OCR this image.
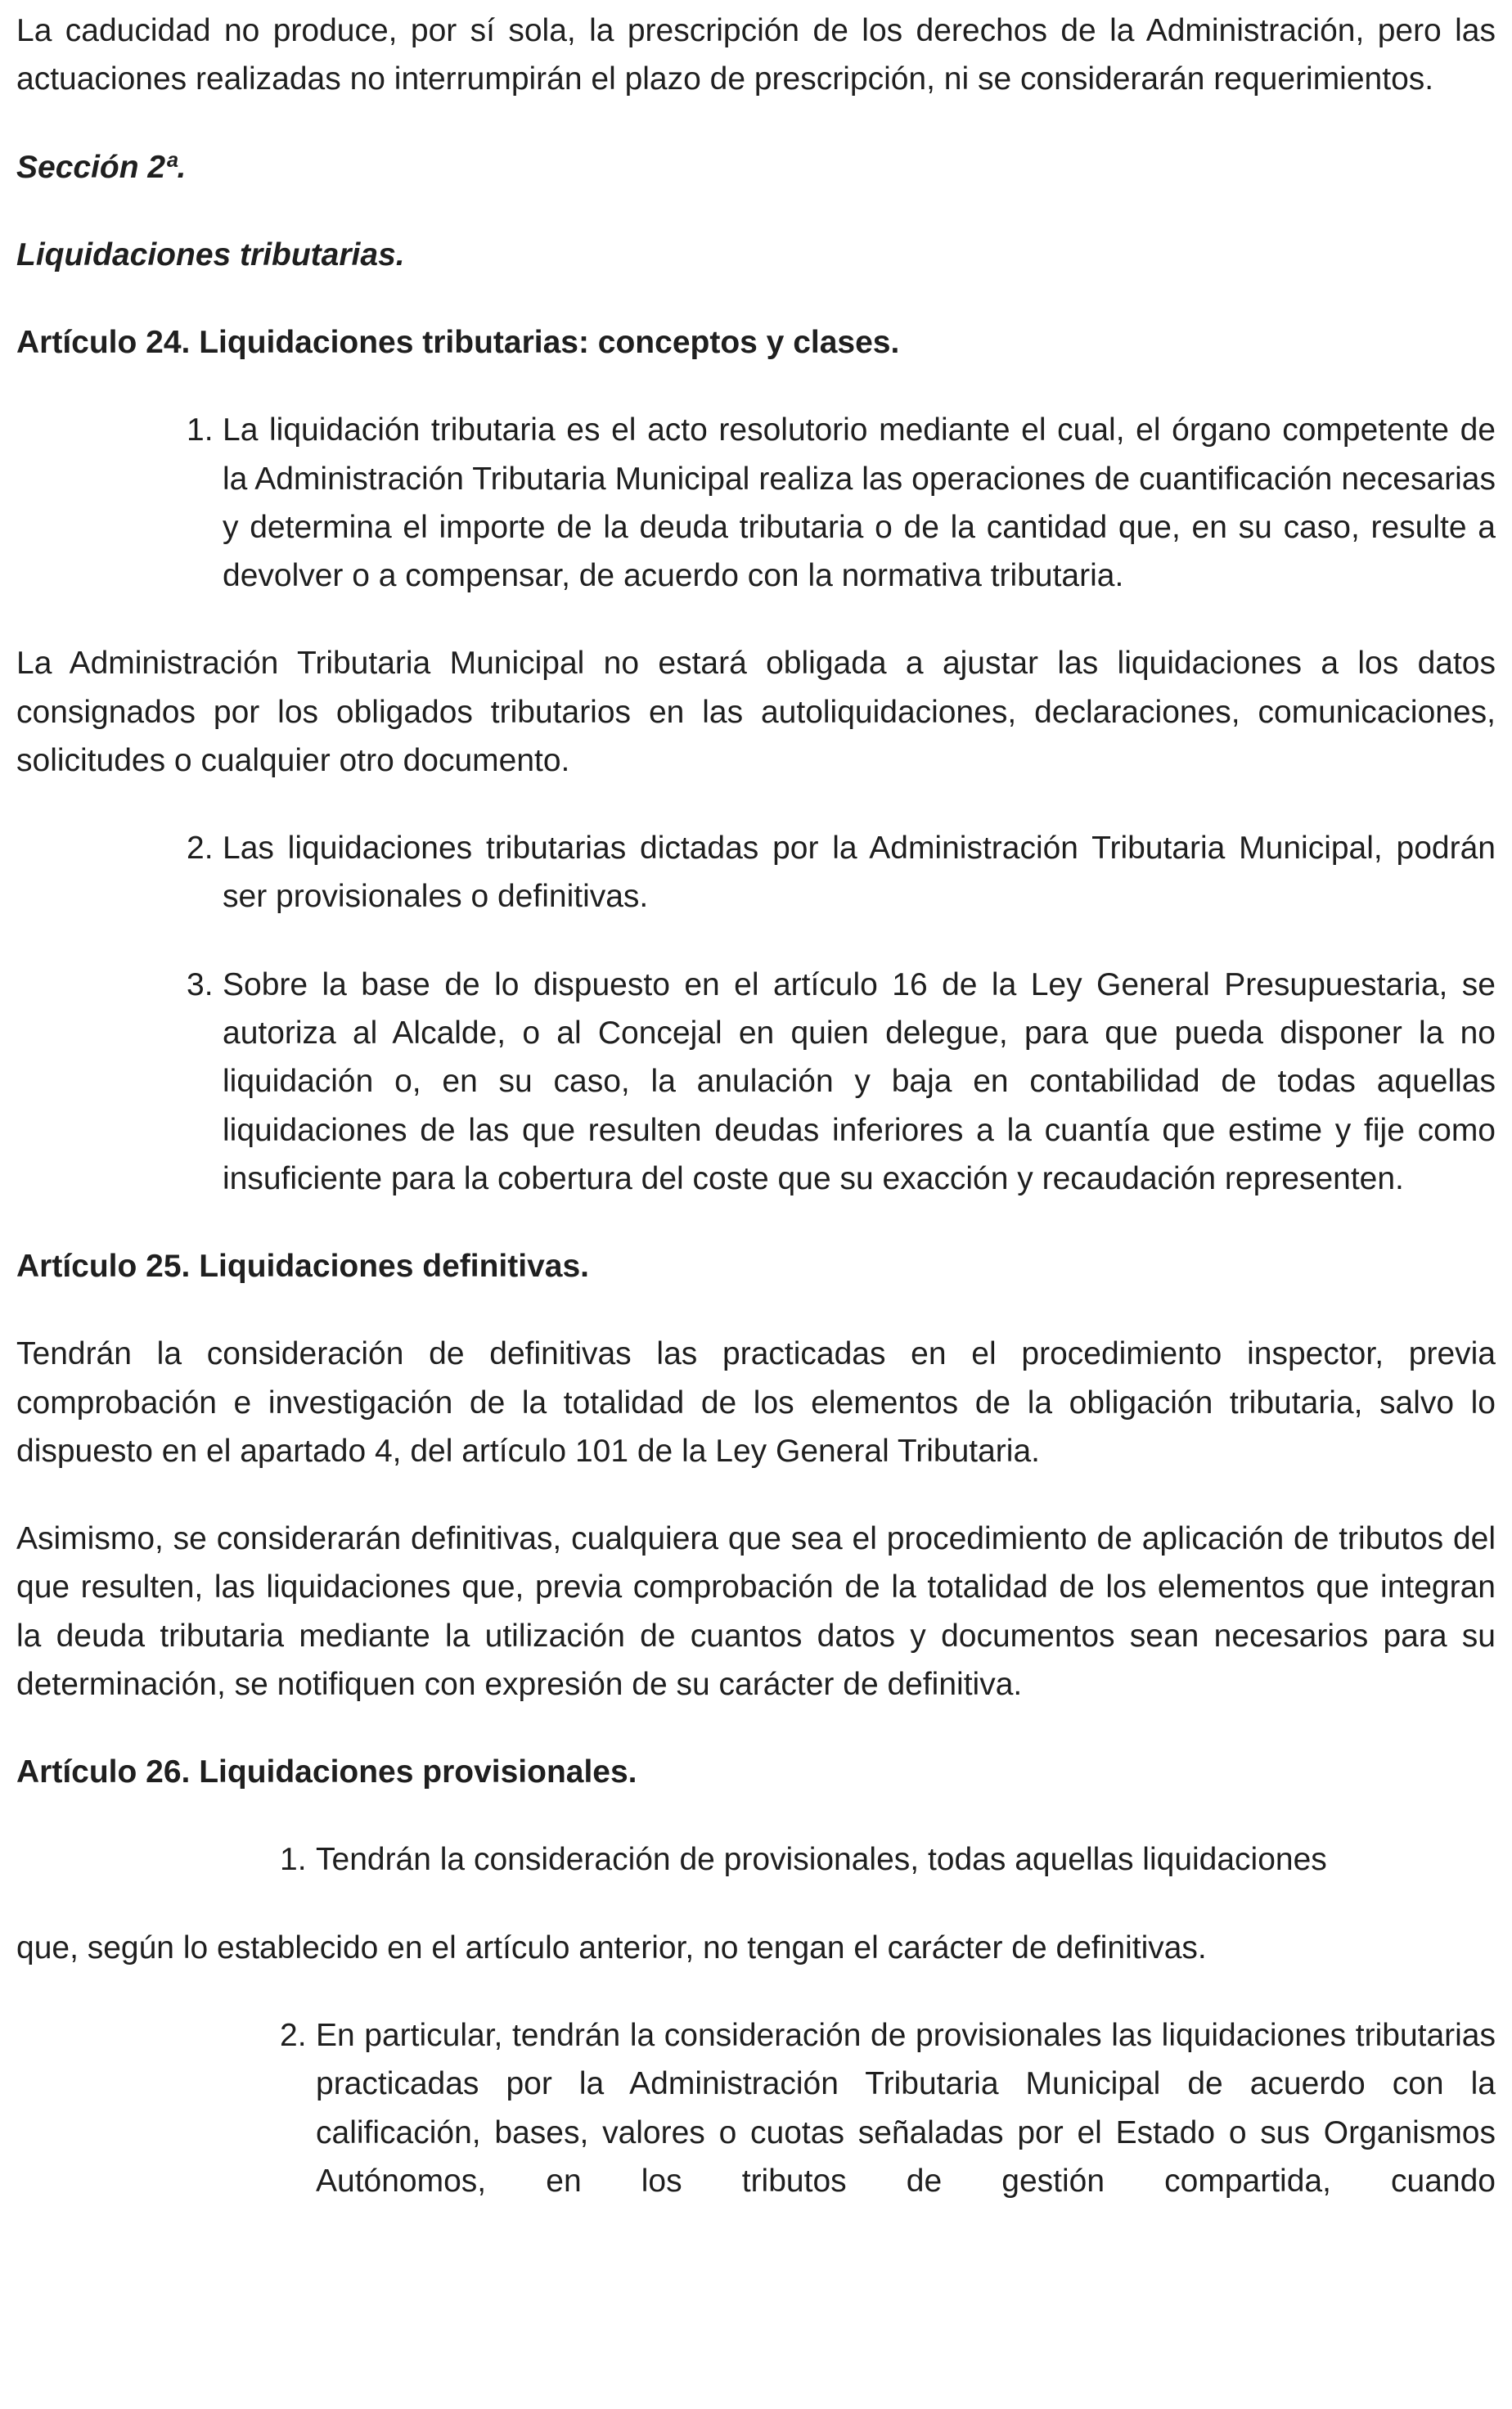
La caducidad no produce, por sí sola, la prescripción de los derechos de la Administración, pero las actuaciones realizadas no interrumpirán el plazo de prescripción, ni se considerarán requerimientos.

Sección 2ª.

Liquidaciones tributarias.

Artículo 24. Liquidaciones tributarias: conceptos y clases.

1. La liquidación tributaria es el acto resolutorio mediante el cual, el órgano competente de la Administración Tributaria Municipal realiza las operaciones de cuantificación necesarias y determina el importe de la deuda tributaria o de la cantidad que, en su caso, resulte a devolver o a compensar, de acuerdo con la normativa tributaria.

La Administración Tributaria Municipal no estará obligada a ajustar las liquidaciones a los datos consignados por los obligados tributarios en las autoliquidaciones, declaraciones, comunicaciones, solicitudes o cualquier otro documento.

2. Las liquidaciones tributarias dictadas por la Administración Tributaria Municipal, podrán ser provisionales o definitivas.
3. Sobre la base de lo dispuesto en el artículo 16 de la Ley General Presupuestaria, se autoriza al Alcalde, o al Concejal en quien delegue, para que pueda disponer la no liquidación o, en su caso, la anulación y baja en contabilidad de todas aquellas liquidaciones de las que resulten deudas inferiores a la cuantía que estime y fije como insuficiente para la cobertura del coste que su exacción y recaudación representen.

Artículo 25. Liquidaciones definitivas.

Tendrán la consideración de definitivas las practicadas en el procedimiento inspector, previa comprobación e investigación de la totalidad de los elementos de la obligación tributaria, salvo lo dispuesto en el apartado 4, del artículo 101 de la Ley General Tributaria.

Asimismo, se considerarán definitivas, cualquiera que sea el procedimiento de aplicación de tributos del que resulten, las liquidaciones que, previa comprobación de la totalidad de los elementos que integran la deuda tributaria mediante la utilización de cuantos datos y documentos sean necesarios para su determinación, se notifiquen con expresión de su carácter de definitiva.

Artículo 26. Liquidaciones provisionales.

1. Tendrán la consideración de provisionales, todas aquellas liquidaciones

que, según lo establecido en el artículo anterior, no tengan el carácter de definitivas.

2. En particular, tendrán la consideración de provisionales las liquidaciones tributarias practicadas por la Administración Tributaria Municipal de acuerdo con la calificación, bases, valores o cuotas señaladas por el Estado o sus Organismos Autónomos, en los tributos de gestión compartida, cuando
